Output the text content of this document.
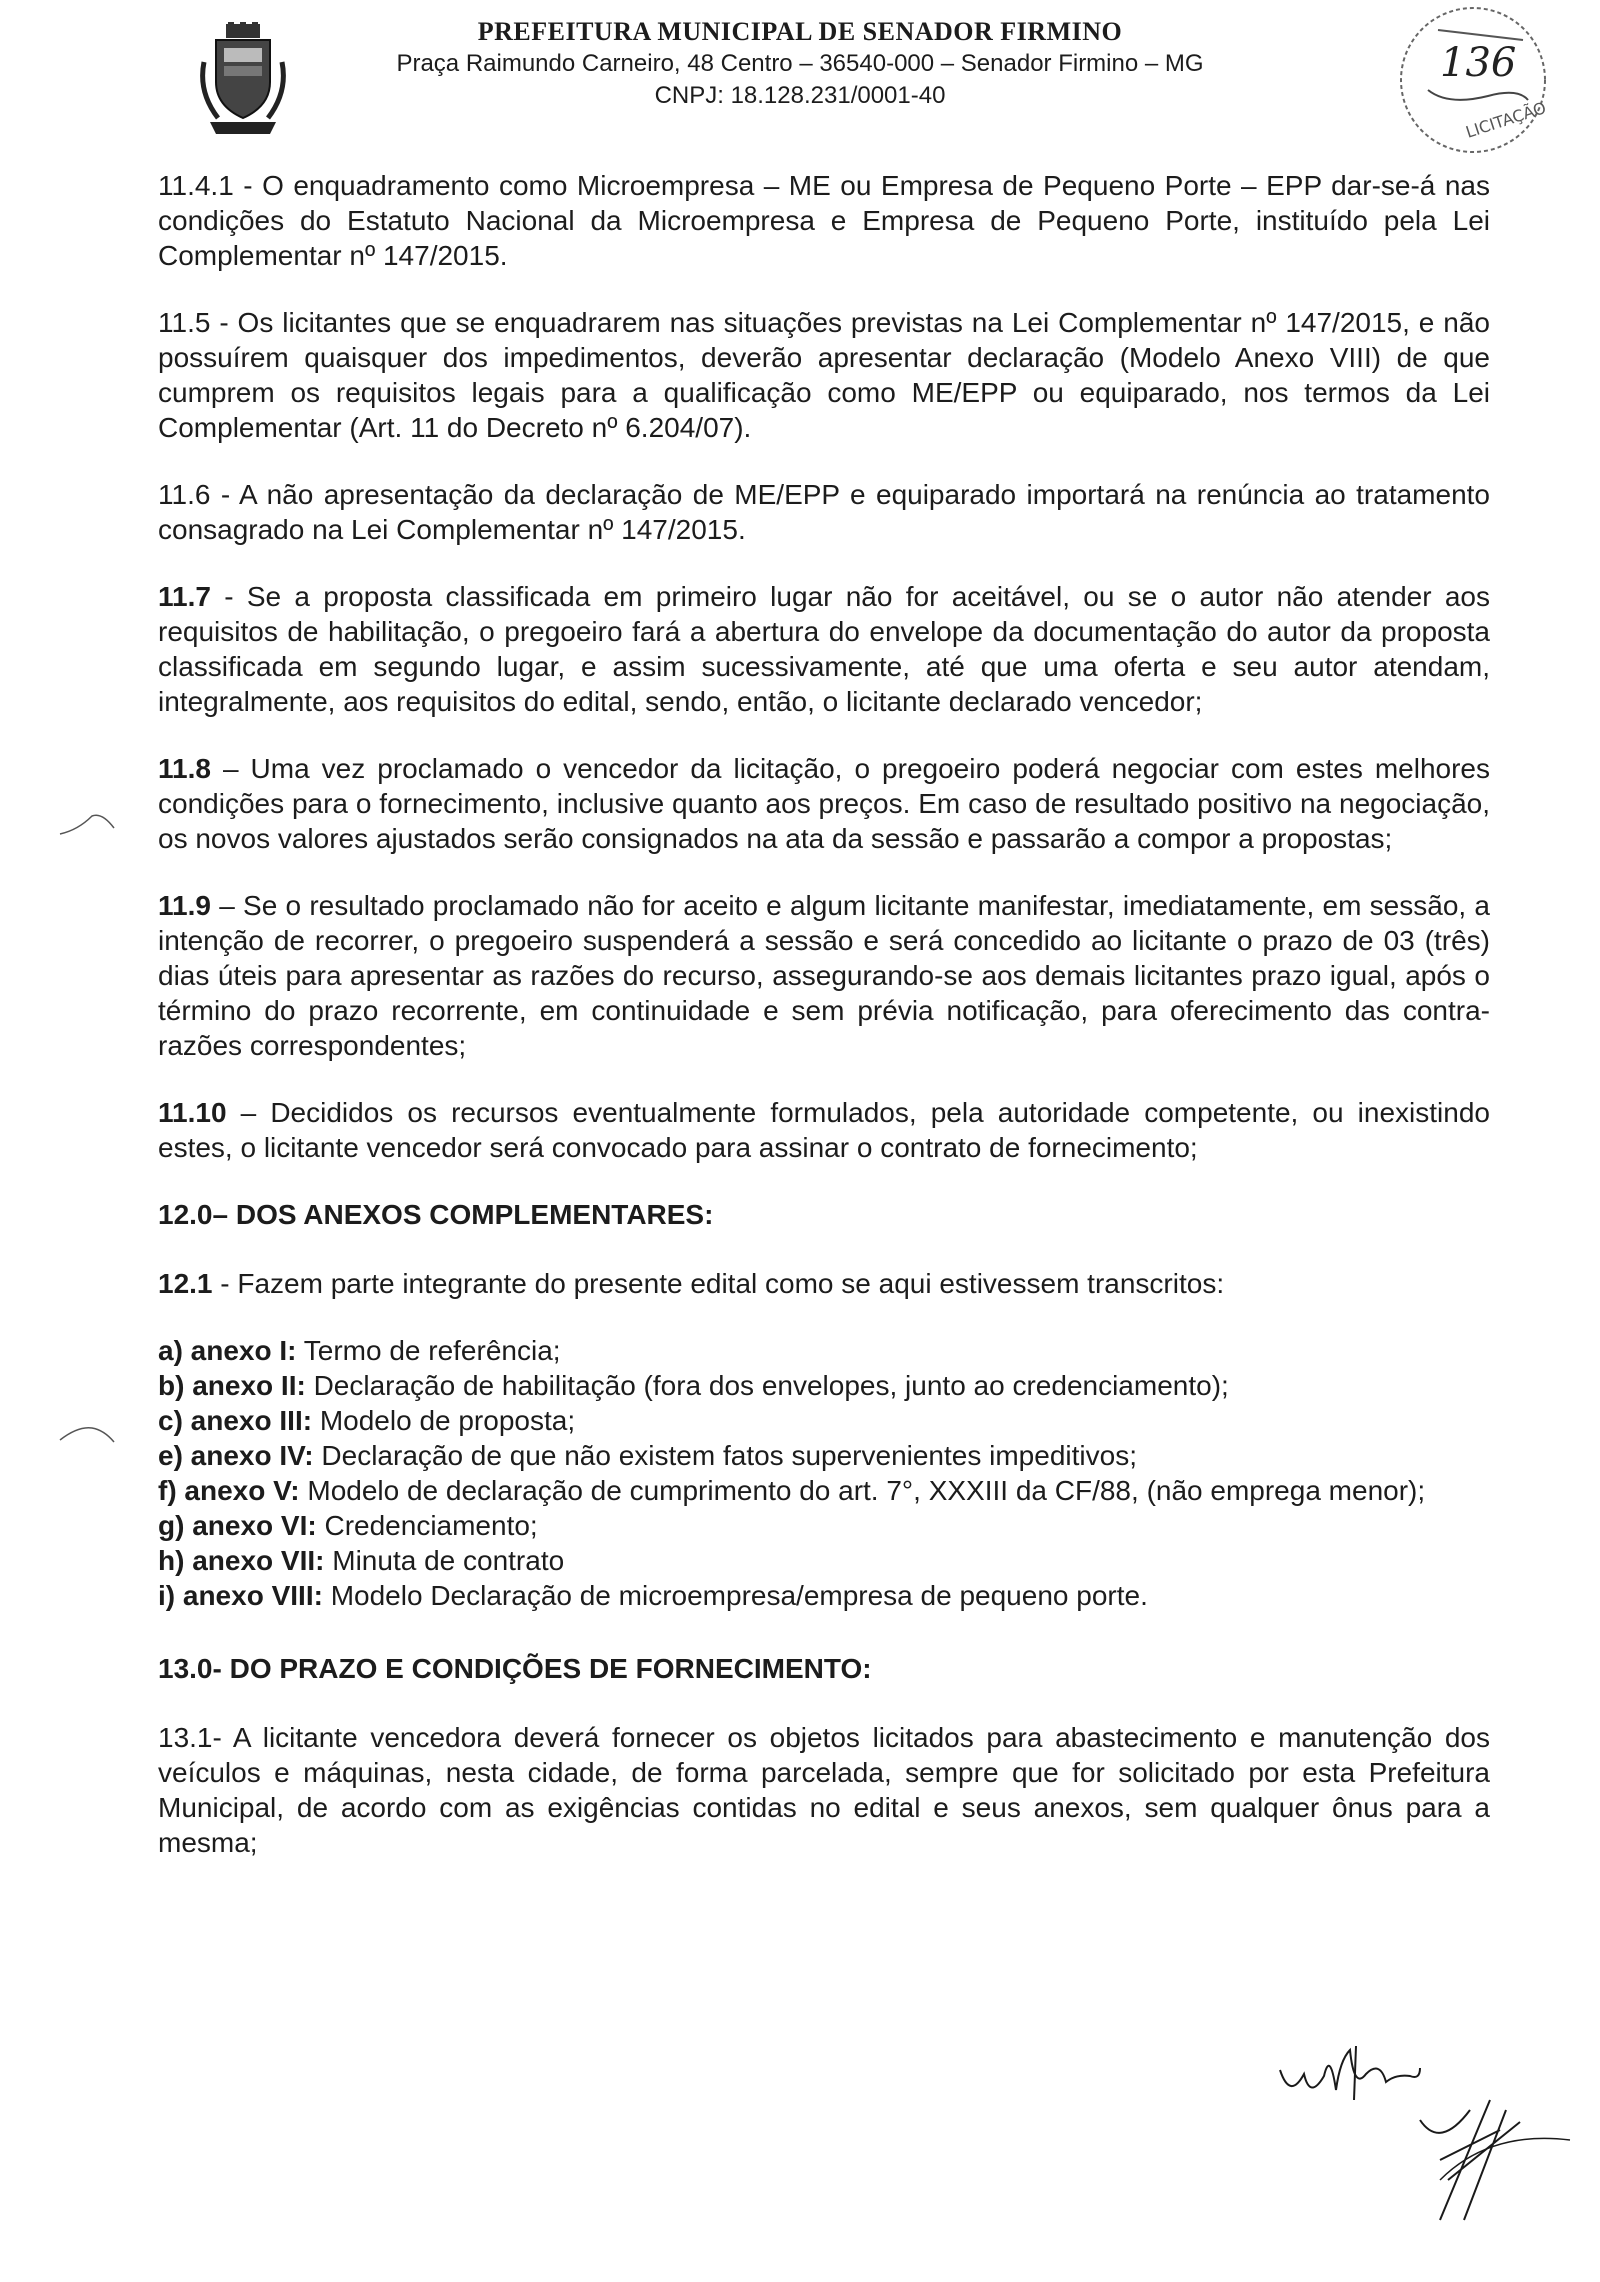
PREFEITURA MUNICIPAL DE SENADOR FIRMINO
Praça Raimundo Carneiro, 48 Centro – 36540-000 – Senador Firmino – MG
CNPJ: 18.128.231/0001-40
136
LICITAÇÃO

11.4.1 - O enquadramento como Microempresa – ME ou Empresa de Pequeno Porte – EPP dar-se-á nas condições do Estatuto Nacional da Microempresa e Empresa de Pequeno Porte, instituído pela Lei Complementar nº 147/2015.

11.5 - Os licitantes que se enquadrarem nas situações previstas na Lei Complementar nº 147/2015, e não possuírem quaisquer dos impedimentos, deverão apresentar declaração (Modelo Anexo VIII) de que cumprem os requisitos legais para a qualificação como ME/EPP ou equiparado, nos termos da Lei Complementar (Art. 11 do Decreto nº 6.204/07).

11.6 - A não apresentação da declaração de ME/EPP e equiparado importará na renúncia ao tratamento consagrado na Lei Complementar nº 147/2015.

11.7 - Se a proposta classificada em primeiro lugar não for aceitável, ou se o autor não atender aos requisitos de habilitação, o pregoeiro fará a abertura do envelope da documentação do autor da proposta classificada em segundo lugar, e assim sucessivamente, até que uma oferta e seu autor atendam, integralmente, aos requisitos do edital, sendo, então, o licitante declarado vencedor;

11.8 – Uma vez proclamado o vencedor da licitação, o pregoeiro poderá negociar com estes melhores condições para o fornecimento, inclusive quanto aos preços. Em caso de resultado positivo na negociação, os novos valores ajustados serão consignados na ata da sessão e passarão a compor a propostas;

11.9 – Se o resultado proclamado não for aceito e algum licitante manifestar, imediatamente, em sessão, a intenção de recorrer, o pregoeiro suspenderá a sessão e será concedido ao licitante o prazo de 03 (três) dias úteis para apresentar as razões do recurso, assegurando-se aos demais licitantes prazo igual, após o término do prazo recorrente, em continuidade e sem prévia notificação, para oferecimento das contra-razões correspondentes;

11.10 – Decididos os recursos eventualmente formulados, pela autoridade competente, ou inexistindo estes, o licitante vencedor será convocado para assinar o contrato de fornecimento;

12.0– DOS ANEXOS COMPLEMENTARES:

12.1 - Fazem parte integrante do presente edital como se aqui estivessem transcritos:

a) anexo I: Termo de referência;
b) anexo II: Declaração de habilitação (fora dos envelopes, junto ao credenciamento);
c) anexo III: Modelo de proposta;
e) anexo IV: Declaração de que não existem fatos supervenientes impeditivos;
f) anexo V: Modelo de declaração de cumprimento do art. 7°, XXXIII da CF/88, (não emprega menor);
g) anexo VI: Credenciamento;
h) anexo VII: Minuta de contrato
i) anexo VIII: Modelo Declaração de microempresa/empresa de pequeno porte.
13.0- DO PRAZO E CONDIÇÕES DE FORNECIMENTO:

13.1- A licitante vencedora deverá fornecer os objetos licitados para abastecimento e manutenção dos veículos e máquinas, nesta cidade, de forma parcelada, sempre que for solicitado por esta Prefeitura Municipal, de acordo com as exigências contidas no edital e seus anexos, sem qualquer ônus para a mesma;
